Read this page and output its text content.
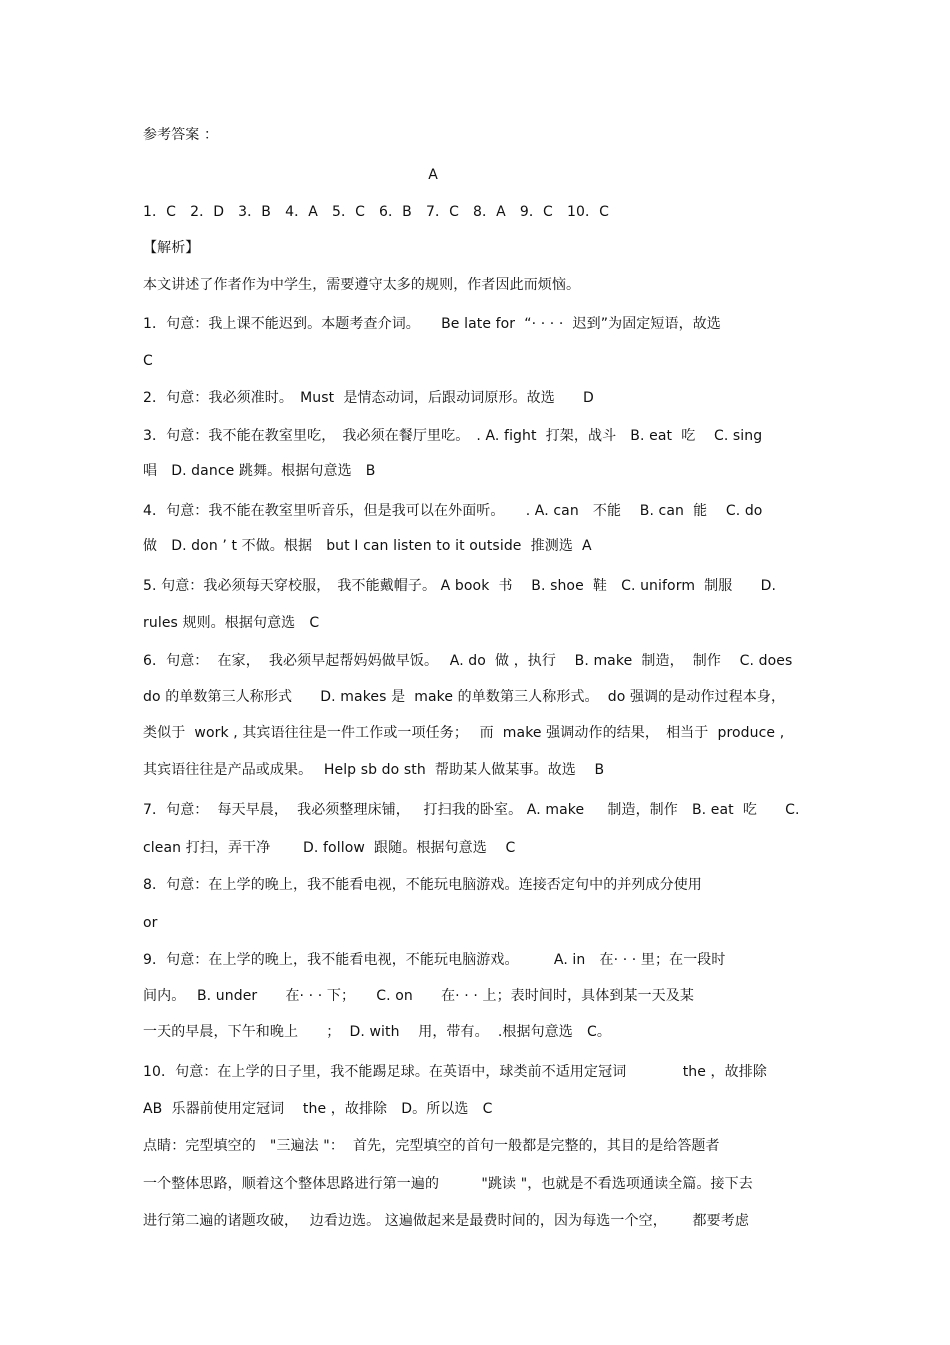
参考答案 ：
A
1．C　2．D　3．B　4．A　5．C　6．B　7．C　8．A　9．C　10．C
【解析】
本文讲述了作者作为中学生，需要遵守太多的规则，作者因此而烦恼。
1．句意：我上课不能迟到。本题考查介词。　　Be late for  “· · · ·  迟到”为固定短语，故选
C
2．句意：我必须准时。　Must  是情态动词，后跟动词原形。故选　　D
3．句意：我不能在教室里吃，　我必须在餐厅里吃。　. A. fight  打架，战斗　B. eat  吃　 C. sing
唱　D. dance 跳舞。根据句意选　B
4．句意：我不能在教室里听音乐，但是我可以在外面听。　　. A. can　不能　 B. can  能　 C. do
做　D. don ’ t 不做。根据　but I can listen to it outside  推测选  A
5. 句意：我必须每天穿校服，　我不能戴帽子。 A book  书　 B. shoe  鞋　C. uniform  制服　　D.
rules 规则。根据句意选　C
6．句意：  在家，  我必须早起帮妈妈做早饭。　 A. do  做 ，执行　 B. make  制造，  制作　 C. does
do 的单数第三人称形式　　D. makes 是  make 的单数第三人称形式。  do 强调的是动作过程本身，
类似于  work , 其宾语往往是一件工作或一项任务；　 而  make 强调动作的结果，　相当于  produce ,
其宾语往往是产品或成果。　 Help sb do sth  帮助某人做某事。故选　 B
7．句意：  每天早晨，  我必须整理床铺，   打扫我的卧室。 A. make 　 制造，制作　B. eat  吃　　C.
clean 打扫，弄干净　　 D. follow  跟随。根据句意选　 C
8．句意：在上学的晚上，我不能看电视，不能玩电脑游戏。连接否定句中的并列成分使用
or
9．句意：在上学的晚上，我不能看电视，不能玩电脑游戏。　　　A. in　在· · · 里；在一段时
间内。　 B. under　　在· · · 下；　　C. on　　在· · · 上；表时间时，具体到某一天及某
一天的早晨，下午和晚上　　；  D. with　 用，带有。  .根据句意选　C。
10．句意：在上学的日子里，我不能踢足球。在英语中，球类前不适用定冠词　　　　the ，故排除
AB  乐器前使用定冠词　 the ，故排除　D。所以选　C
点睛：完型填空的　"三遍法 "：  首先，完型填空的首句一般都是完整的，其目的是给答题者
一个整体思路，顺着这个整体思路进行第一遍的　　　"跳读 "，也就是不看选项通读全篇。接下去
进行第二遍的诸题攻破，　 边看边选。 这遍做起来是最费时间的，因为每选一个空，　　 都要考虑
